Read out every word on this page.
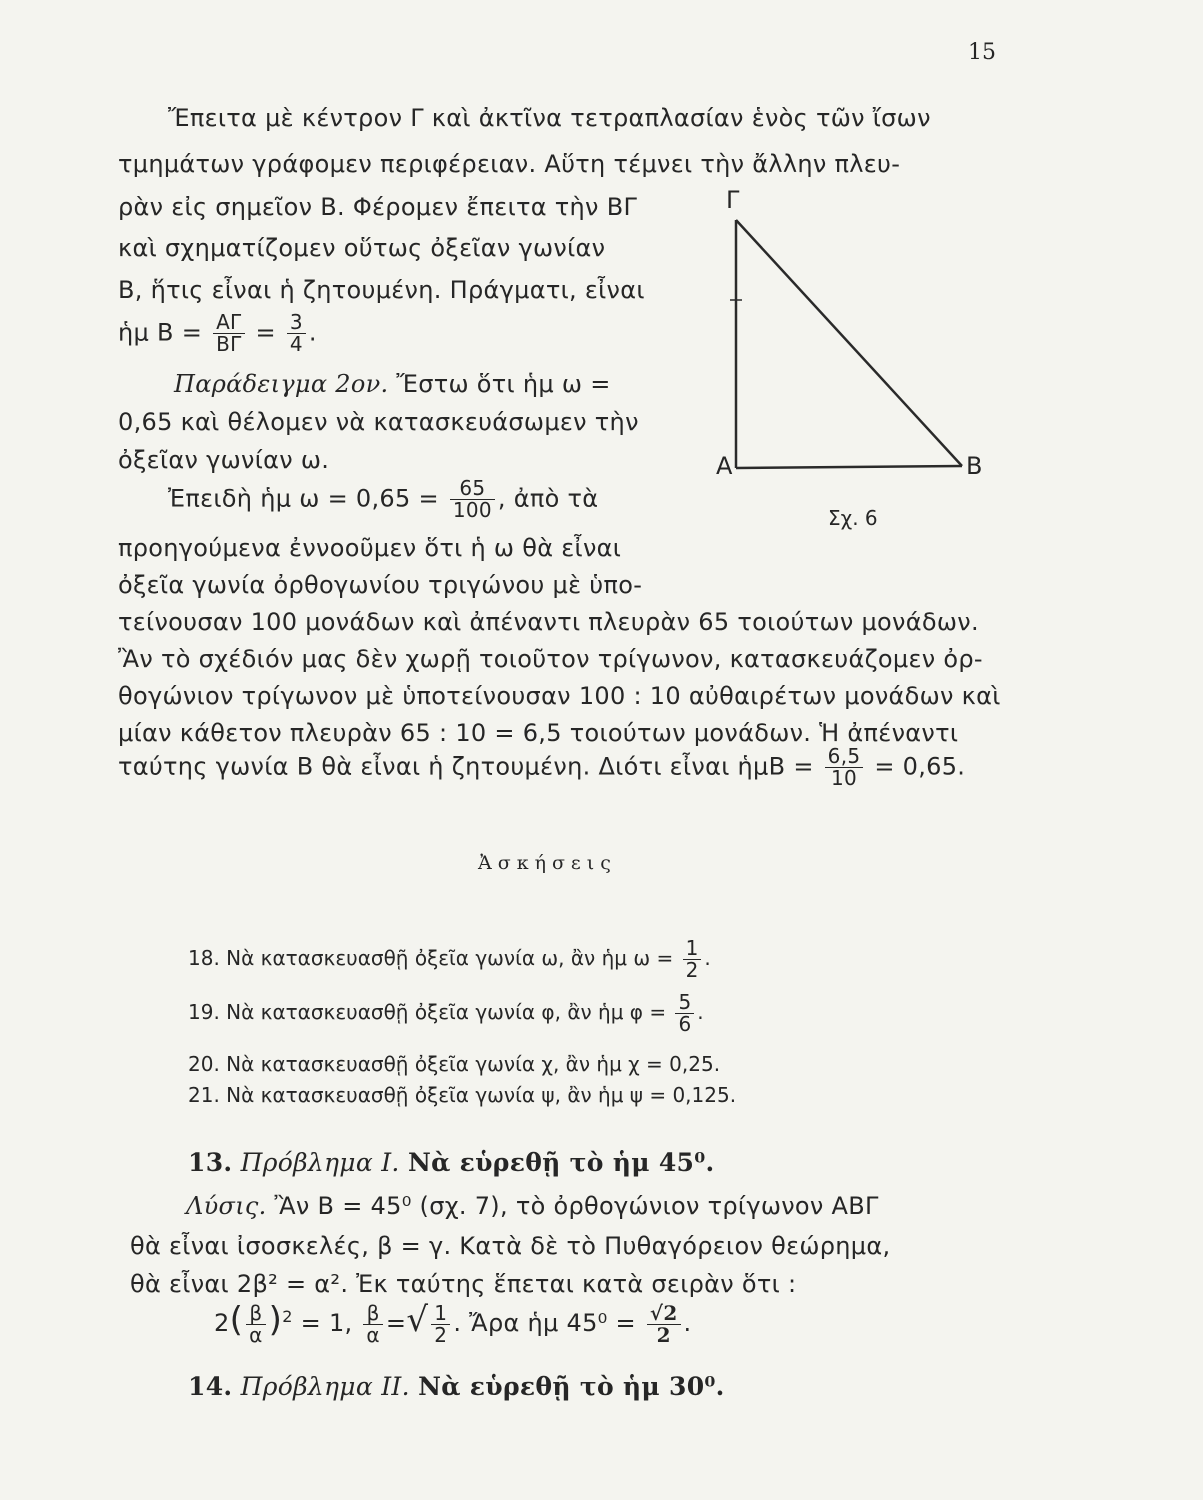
15
Ἔπειτα μὲ κέντρον Γ καὶ ἀκτῖνα τετραπλασίαν ἑνὸς τῶν ἴσων
τμημάτων γράφομεν περιφέρειαν. Αὕτη τέμνει τὴν ἄλλην πλευ-
ρὰν εἰς σημεῖον Β. Φέρομεν ἔπειτα τὴν ΒΓ
καὶ σχηματίζομεν οὕτως ὀξεῖαν γωνίαν
Β, ἥτις εἶναι ἡ ζητουμένη. Πράγματι, εἶναι
ἡμ $B = \frac{A\Gamma}{B\Gamma} = \frac{3}{4}$ .
Παράδειγμα 2ον. Ἔστω ὅτι ἡμ ω =
0,65 καὶ θέλομεν νὰ κατασκευάσωμεν τὴν
ὀξεῖαν γωνίαν ω.
Ἐπειδὴ ἡμ $\omega = 0,65 = \frac{65}{100}$ , ἀπὸ τὰ
προηγούμενα ἐννοοῦμεν ὅτι ἡ ω θὰ εἶναι
ὀξεῖα γωνία ὀρθογωνίου τριγώνου μὲ ὑπο-
τείνουσαν 100 μονάδων καὶ ἀπέναντι πλευρὰν 65 τοιούτων μονάδων.
Ἂν τὸ σχέδιόν μας δὲν χωρῇ τοιοῦτον τρίγωνον, κατασκευάζομεν ὀρ-
θογώνιον τρίγωνον μὲ ὑποτείνουσαν 100 : 10 αὐθαιρέτων μονάδων καὶ
μίαν κάθετον πλευρὰν 65 : 10 = 6,5 τοιούτων μονάδων. Ἡ ἀπέναντι
ταύτης γωνία Β θὰ εἶναι ἡ ζητουμένη. Διότι εἶναι ἡμΒ = $\frac{6,5}{10} = 0,65$.
Γ
Α	Β
Σχ. 6
Ἀσκήσεις
18. Νὰ κατασκευασθῇ ὀξεῖα γωνία ω, ἂν ἡμ $\omega = \frac{1}{2}$ .
19. Νὰ κατασκευασθῇ ὀξεῖα γωνία φ, ἂν ἡμ $\varphi = \frac{5}{6}$ .
20. Νὰ κατασκευασθῇ ὀξεῖα γωνία χ, ἂν ἡμ χ = 0,25.
21. Νὰ κατασκευασθῇ ὀξεῖα γωνία ψ, ἂν ἡμ ψ = 0,125.
13. Πρόβλημα Ι. Νὰ εὑρεθῇ τὸ ἡμ 45⁰.
Λύσις. Ἂν Β = 45⁰ (σχ. 7), τὸ ὀρθογώνιον τρίγωνον ΑΒΓ
θὰ εἶναι ἰσοσκελές, β = γ. Κατὰ δὲ τὸ Πυθαγόρειον θεώρημα,
θὰ εἶναι 2β² = α². Ἐκ ταύτης ἕπεται κατὰ σειρὰν ὅτι :
$2( \frac{\beta}{\alpha} )^2 = 1$, $\frac{\beta}{\alpha}$ =√ $\frac{1}{2}$ . Ἄρα ἡμ $45^0 = \frac{√2}{2}$ .
14. Πρόβλημα ΙΙ. Νὰ εὑρεθῇ τὸ ἡμ 30⁰.
